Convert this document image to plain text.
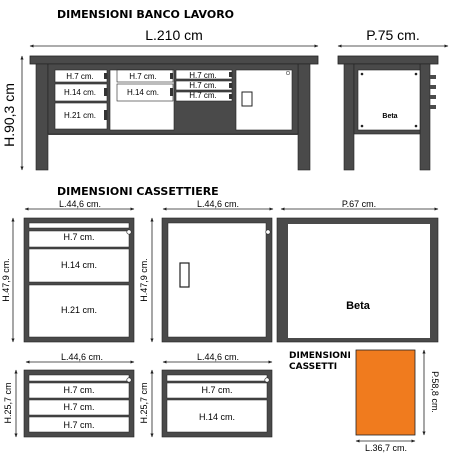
DIMENSIONI BANCO LAVORO
L.210 cm	P.75 cm.
H.90,3 cm
H.7 cm.
H.14 cm.
H.21 cm.
H.7 cm.
H.14 cm.
H.7 cm.
H.7 cm.
H.7 cm.
Beta
DIMENSIONI CASSETTIERE
L.44,6 cm.
H.47,9 cm.
H.7 cm.
H.14 cm.
H.21 cm.
L.44,6 cm.
H.47,9 cm.
P.67 cm.
Beta
L.44,6 cm.
H.25,7 cm	H.7 cm.
H.7 cm.
H.7 cm.
L.44,6 cm.
H.25,7 cm	H.7 cm.
H.14 cm.
DIMENSIONI
CASSETTI
P.58,8 cm.
L.36,7 cm.
